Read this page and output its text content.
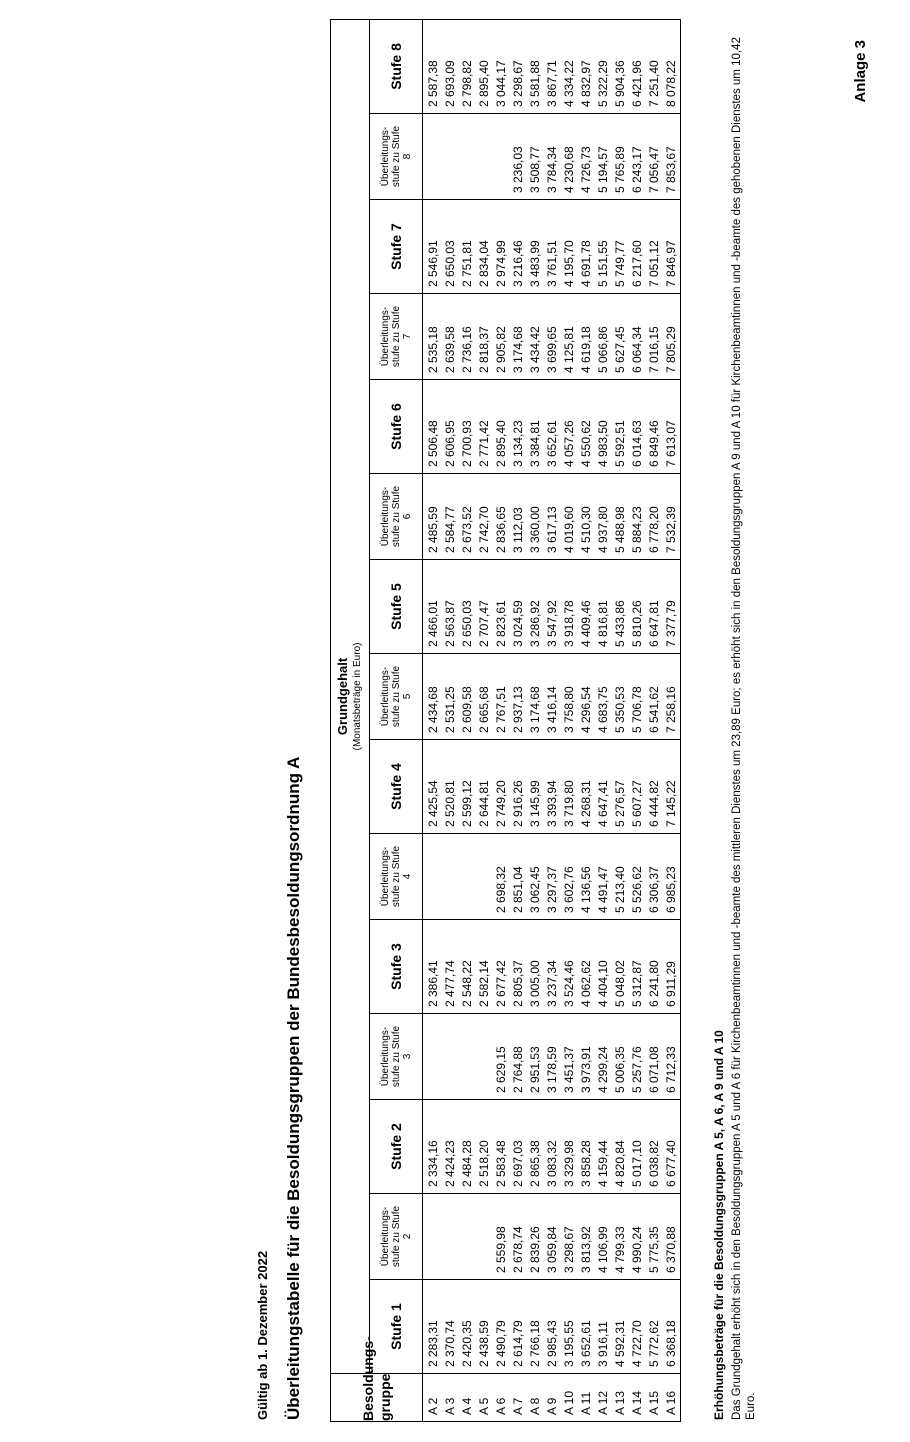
Anlage 3
Gültig ab 1. Dezember 2022 Überleitungstabelle für die Besoldungsgruppen der Bundesbesoldungsordnung A	Besoldungs-
gruppe	Grundgehalt (Monatsbeträge in Euro)														

	Stufe 1	Überleitungs- stufe zu Stufe 2	Stufe 2	Überleitungs- stufe zu Stufe 3	Stufe 3	Überleitungs- stufe zu Stufe 4	Stufe 4	Überleitungs- stufe zu Stufe 5	Stufe 5	Überleitungs- stufe zu Stufe 6	Stufe 6	Überleitungs- stufe zu Stufe 7	Stufe 7	Überleitungs- stufe zu Stufe 8	Stufe 8
A 2	2 283,31		2 334,16		2 386,41		2 425,54	2 434,68	2 466,01	2 485,59	2 506,48	2 535,18	2 546,91		2 587,38
A 3	2 370,74		2 424,23		2 477,74		2 520,81	2 531,25	2 563,87	2 584,77	2 606,95	2 639,58	2 650,03		2 693,09
A 4	2 420,35		2 484,28		2 548,22		2 599,12	2 609,58	2 650,03	2 673,52	2 700,93	2 736,16	2 751,81		2 798,82
A 5	2 438,59		2 518,20		2 582,14		2 644,81	2 665,68	2 707,47	2 742,70	2 771,42	2 818,37	2 834,04		2 895,40
A 6	2 490,79	2 559,98	2 583,48	2 629,15	2 677,42	2 698,32	2 749,20	2 767,51	2 823,61	2 836,65	2 895,40	2 905,82	2 974,99		3 044,17
A 7	2 614,79	2 678,74	2 697,03	2 764,88	2 805,37	2 851,04	2 916,26	2 937,13	3 024,59	3 112,03	3 134,23	3 174,68	3 216,46	3 236,03	3 298,67
A 8	2 766,18	2 839,26	2 865,38	2 951,53	3 005,00	3 062,45	3 145,99	3 174,68	3 286,92	3 360,00	3 384,81	3 434,42	3 483,99	3 508,77	3 581,88
A 9	2 985,43	3 059,84	3 083,32	3 178,59	3 237,34	3 297,37	3 393,94	3 416,14	3 547,92	3 617,13	3 652,61	3 699,65	3 761,51	3 784,34	3 867,71
A 10	3 195,55	3 298,67	3 329,98	3 451,37	3 524,46	3 602,76	3 719,80	3 758,80	3 918,78	4 019,60	4 057,26	4 125,81	4 195,70	4 230,68	4 334,22
A 11	3 652,61	3 813,92	3 858,28	3 973,91	4 062,62	4 136,56	4 268,31	4 296,54	4 409,46	4 510,30	4 550,62	4 619,18	4 691,78	4 726,73	4 832,97
A 12	3 916,11	4 106,99	4 159,44	4 299,24	4 404,10	4 491,47	4 647,41	4 683,75	4 816,81	4 937,80	4 983,50	5 066,86	5 151,55	5 194,57	5 322,29
A 13	4 592,31	4 799,33	4 820,84	5 006,35	5 048,02	5 213,40	5 276,57	5 350,53	5 433,86	5 488,98	5 592,51	5 627,45	5 749,77	5 765,89	5 904,36
A 14	4 722,70	4 990,24	5 017,10	5 257,76	5 312,87	5 526,62	5 607,27	5 706,78	5 810,26	5 884,23	6 014,63	6 064,34	6 217,60	6 243,17	6 421,96
A 15	5 772,62	5 775,35	6 038,82	6 071,08	6 241,80	6 306,37	6 444,82	6 541,62	6 647,81	6 778,20	6 849,46	7 016,15	7 051,12	7 056,47	7 251,40
A 16	6 368,18	6 370,88	6 677,40	6 712,33	6 911,29	6 985,23	7 145,22	7 258,16	7 377,79	7 532,39	7 613,07	7 805,29	7 846,97	7 853,67	8 078,22
Erhöhungsbeträge für die Besoldungsgruppen A 5, A 6, A 9 und A 10 Das Grundgehalt erhöht sich in den Besoldungsgruppen A 5 und A 6 für Kirchenbeamtinnen und -beamte des mittleren Dienstes um 23,89 Euro; es erhöht sich in den Besoldungsgruppen A 9 und A 10 für Kirchenbeamtinnen und -beamte des gehobenen Dienstes um 10,42 Euro.
